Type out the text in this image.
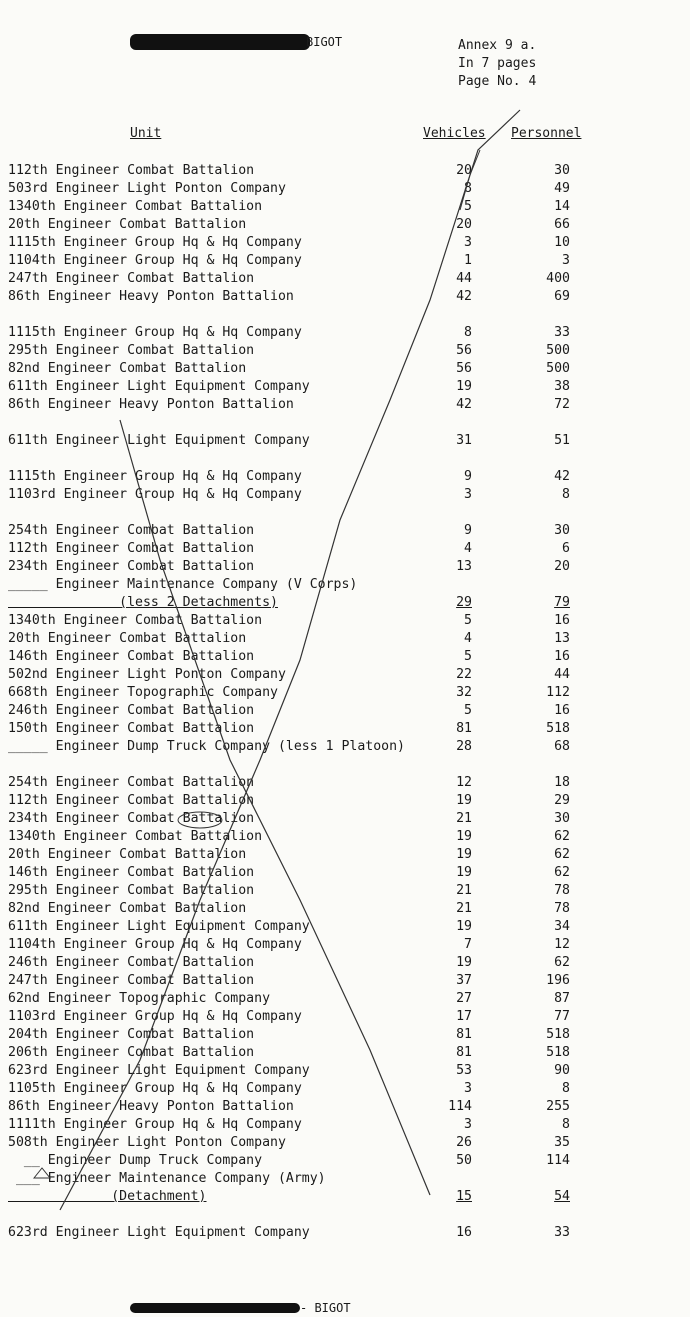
BIGOT	Annex 9 a.
In 7 pages
Page No. 4
Unit	Vehicles Personnel
112th Engineer Combat Battalion	20	30
503rd Engineer Light Ponton Company	8	49
1340th Engineer Combat Battalion	5	14
20th Engineer Combat Battalion	20	66
1115th Engineer Group Hq & Hq Company	3	10
1104th Engineer Group Hq & Hq Company	1	3
247th Engineer Combat Battalion	44	400
86th Engineer Heavy Ponton Battalion	42	69
1115th Engineer Group Hq & Hq Company	8	33
295th Engineer Combat Battalion	56	500
82nd Engineer Combat Battalion	56	500
611th Engineer Light Equipment Company	19	38
86th Engineer Heavy Ponton Battalion	42	72
611th Engineer Light Equipment Company	31	51
1115th Engineer Group Hq & Hq Company	9	42
1103rd Engineer Group Hq & Hq Company	3	8
254th Engineer Combat Battalion	9	30
112th Engineer Combat Battalion	4	6
234th Engineer Combat Battalion	13	20
_____ Engineer Maintenance Company (V Corps)
(less 2 Detachments)	29	79
1340th Engineer Combat Battalion	5	16
20th Engineer Combat Battalion	4	13
146th Engineer Combat Battalion	5	16
502nd Engineer Light Ponton Company	22	44
668th Engineer Topographic Company	32	112
246th Engineer Combat Battalion	5	16
150th Engineer Combat Battalion	81	518
_____ Engineer Dump Truck Company (less 1 Platoon)	28	68
254th Engineer Combat Battalion	12	18
112th Engineer Combat Battalion	19	29
234th Engineer Combat Battalion	21	30
1340th Engineer Combat Battalion	19	62
20th Engineer Combat Battalion	19	62
146th Engineer Combat Battalion	19	62
295th Engineer Combat Battalion	21	78
82nd Engineer Combat Battalion	21	78
611th Engineer Light Equipment Company	19	34
1104th Engineer Group Hq & Hq Company	7	12
246th Engineer Combat Battalion	19	62
247th Engineer Combat Battalion	37	196
62nd Engineer Topographic Company	27	87
1103rd Engineer Group Hq & Hq Company	17	77
204th Engineer Combat Battalion	81	518
206th Engineer Combat Battalion	81	518
623rd Engineer Light Equipment Company	53	90
1105th Engineer Group Hq & Hq Company	3	8
86th Engineer Heavy Ponton Battalion	114	255
1111th Engineer Group Hq & Hq Company	3	8
508th Engineer Light Ponton Company	26	35
__ Engineer Dump Truck Company	50	114
___ Engineer Maintenance Company (Army)
(Detachment)	15	54
623rd Engineer Light Equipment Company	16	33
- BIGOT
